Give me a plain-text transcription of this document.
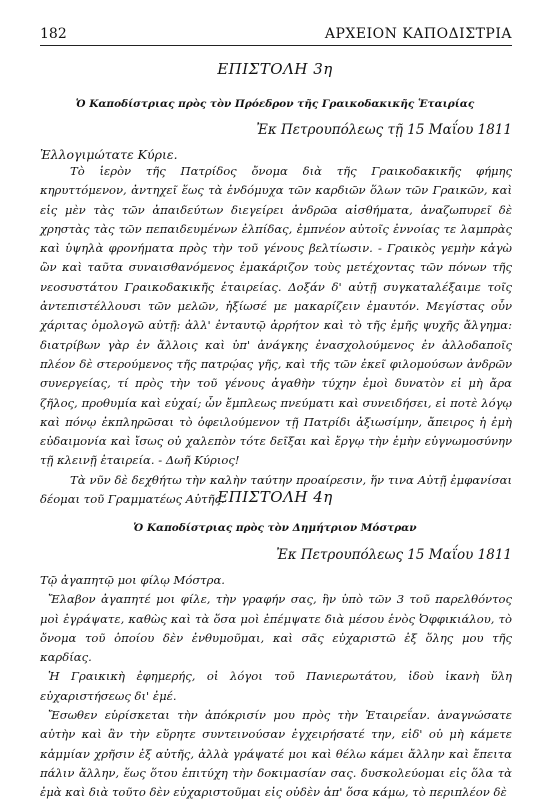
182	ΑΡΧΕΙΟΝ ΚΑΠΟΔΙΣΤΡΙΑ
ΕΠΙΣΤΟΛΗ 3η
Ὁ Καποδίστριας πρὸς τὸν Πρόεδρον τῆς Γραικοδακικῆς Ἑταιρίας
Ἐκ Πετρουπόλεως τῇ 15 Μαΐου 1811
Ἐλλογιμώτατε Κύριε.

Τὸ ἱερὸν τῆς Πατρίδος ὄνομα διὰ τῆς Γραικοδακικῆς φήμης κηρυττόμενον, ἀντηχεῖ ἕως τὰ ἐνδόμυχα τῶν καρδιῶν ὅλων τῶν Γραικῶν, καὶ εἰς μὲν τὰς τῶν ἀπαιδεύτων διεγείρει ἀνδρῶα αἰσθήματα, ἀναζωπυρεῖ δὲ χρηστὰς τὰς τῶν πεπαιδευμένων ἐλπίδας, ἐμπνέον αὐτοῖς ἐννοίας τε λαμπρὰς καὶ ὑψηλὰ φρονήματα πρὸς τὴν τοῦ γένους βελτίωσιν. - Γραικὸς γεμὴν κἀγὼ ὢν καὶ ταῦτα συναισθανόμενος ἐμακάριζον τοὺς μετέχοντας τῶν πόνων τῆς νεοσυστάτου Γραικοδακικῆς ἑταιρείας. Δοξάν δ' αὐτῇ συγκαταλέξαιμε τοῖς ἀντεπιστέλλουσι τῶν μελῶν, ἠξίωσέ με μακαρίζειν ἐμαυτόν. Μεγίστας οὖν χάριτας ὁμολογῶ αὐτῇ: ἀλλ' ἐνταυτῷ ἀρρήτον καὶ τὸ τῆς ἐμῆς ψυχῆς ἄλγημα: διατρίβων γὰρ ἐν ἄλλοις καὶ ὑπ' ἀνάγκης ἐνασχολούμενος ἐν ἀλλοδαποῖς πλέον δὲ στερούμενος τῆς πατρῴας γῆς, καὶ τῆς τῶν ἐκεῖ φιλομούσων ἀνδρῶν συνεργείας, τί πρὸς τὴν τοῦ γένους ἀγαθὴν τύχην ἐμοὶ δυνατὸν εἰ μὴ ἄρα ζῆλος, προθυμία καὶ εὐχαί; ὧν ἔμπλεως πνεύματι καὶ συνειδήσει, εἰ ποτὲ λόγῳ καὶ πόνῳ ἐκπληρῶσαι τὸ ὀφειλούμενον τῇ Πατρίδι ἀξιωσίμην, ἄπειρος ἡ ἐμὴ εὐδαιμονία καὶ ἴσως οὐ χαλεπὸν τότε δεῖξαι καὶ ἔργῳ τὴν ἐμὴν εὐγνωμοσύνην τῇ κλεινῇ ἑταιρεία. - Δωῆ Κύριος!

Τὰ νῦν δὲ δεχθήτω τὴν καλὴν ταύτην προαίρεσιν, ἥν τινα Αὐτῇ ἐμφανίσαι δέομαι τοῦ Γραμματέως Αὐτῆς.

ΕΠΙΣΤΟΛΗ 4η
Ὁ Καποδίστριας πρὸς τὸν Δημήτριον Μόστραν
Ἐκ Πετρουπόλεως 15 Μαΐου 1811

Τῷ ἀγαπητῷ μοι φίλῳ Μόστρα.

Ἔλαβον ἀγαπητέ μοι φίλε, τὴν γραφήν σας, ἣν ὑπὸ τῶν 3 τοῦ παρελθόντος μοὶ ἐγράψατε, καθὼς καὶ τὰ ὅσα μοὶ ἐπέμψατε διὰ μέσου ἑνὸς Ὀφφικιάλου, τὸ ὄνομα τοῦ ὁποίου δὲν ἐνθυμοῦμαι, καὶ σᾶς εὐχαριστῶ ἐξ ὅλης μου τῆς καρδίας.

Ἡ Γραικικὴ ἐφημερής, οἱ λόγοι τοῦ Πανιερωτάτου, ἰδοὺ ἱκανὴ ὕλη εὐχαριστήσεως δι' ἐμέ.

Ἔσωθεν εὑρίσκεται τὴν ἀπόκρισίν μου πρὸς τὴν Ἑταιρεΐαν. ἀναγνώσατε αὐτὴν καὶ ἂν τὴν εὕρητε συντεινούσαν ἐγχειρήσατέ την, εἰδ' οὐ μὴ κάμετε κἀμμίαν χρῆσιν ἐξ αὐτῆς, ἀλλὰ γράψατέ μοι καὶ θέλω κάμει ἄλλην καὶ ἔπειτα πάλιν ἄλλην, ἕως ὅτου ἐπιτύχη τὴν δοκιμασίαν σας. δυσκολεύομαι εἰς ὅλα τὰ ἐμὰ καὶ διὰ τοῦτο δὲν εὐχαριστοῦμαι εἰς οὐδὲν ἀπ' ὅσα κάμω, τὸ περιπλέον δὲ
